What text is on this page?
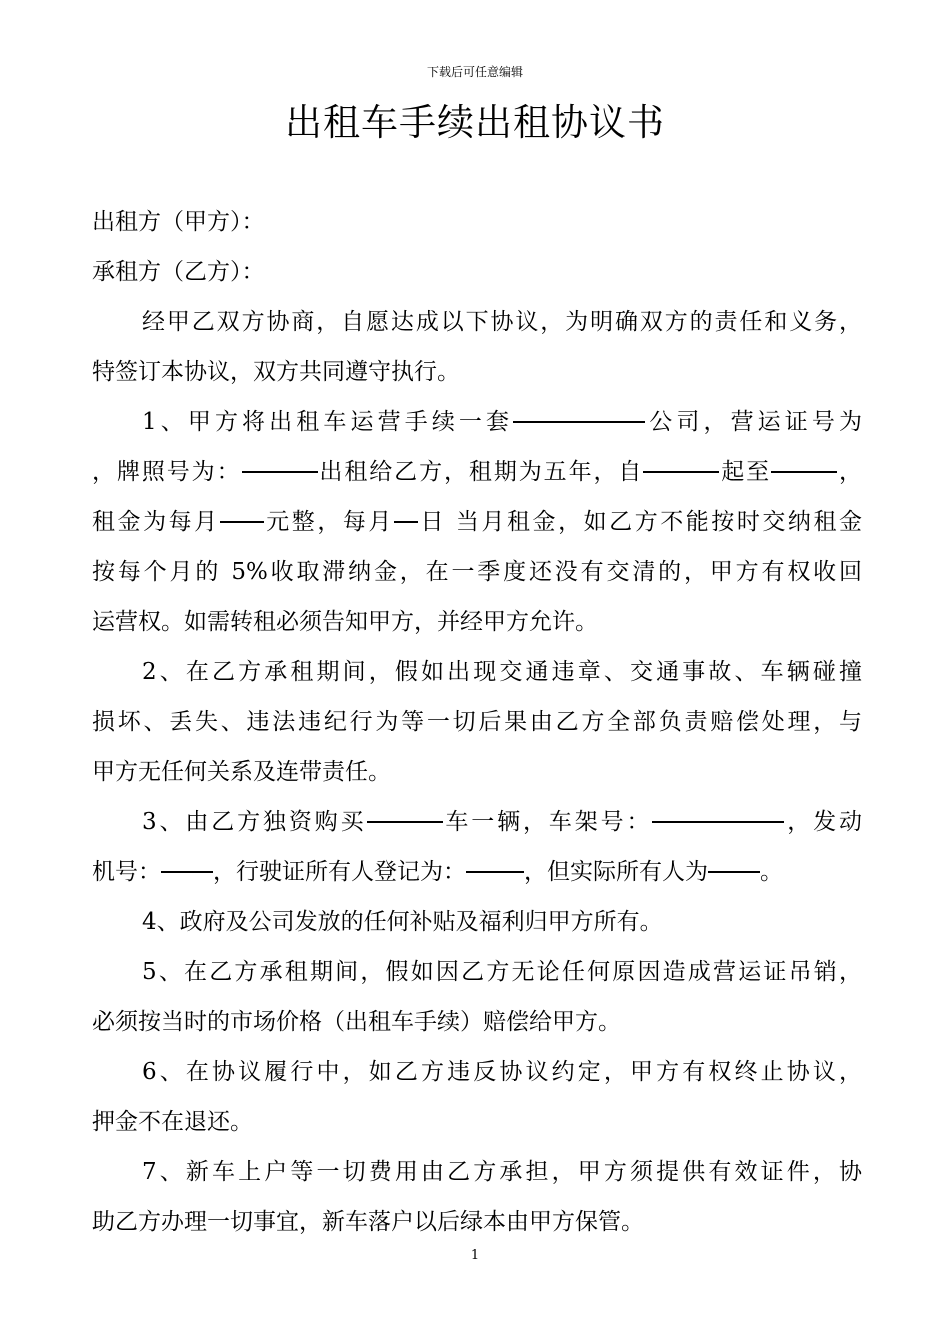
下载后可任意编辑
出租车手续出租协议书
出租方（甲方）：
承租方（乙方）：
经甲乙双方协商，自愿达成以下协议，为明确双方的责任和义务，
特签订本协议，双方共同遵守执行。
1、甲方将出租车运营手续一套	公司，营运证号为
，牌照号为：	出租给乙方，租期为五年，自	起至	，
租金为每月 元整，每月 日 当月租金，如乙方不能按时交纳租金
按每个月的 5%收取滞纳金，在一季度还没有交清的，甲方有权收回
运营权。如需转租必须告知甲方，并经甲方允许。
2、在乙方承租期间，假如出现交通违章、交通事故、车辆碰撞
损坏、丢失、违法违纪行为等一切后果由乙方全部负责赔偿处理，与
甲方无任何关系及连带责任。
3、由乙方独资购买	车一辆，车架号：	，发动
机号： ，行驶证所有人登记为：	，但实际所有人为 。
4、政府及公司发放的任何补贴及福利归甲方所有。
5、在乙方承租期间，假如因乙方无论任何原因造成营运证吊销，
必须按当时的市场价格（出租车手续）赔偿给甲方。
6、在协议履行中，如乙方违反协议约定，甲方有权终止协议，
押金不在退还。
7、新车上户等一切费用由乙方承担，甲方须提供有效证件，协
助乙方办理一切事宜，新车落户以后绿本由甲方保管。
1
